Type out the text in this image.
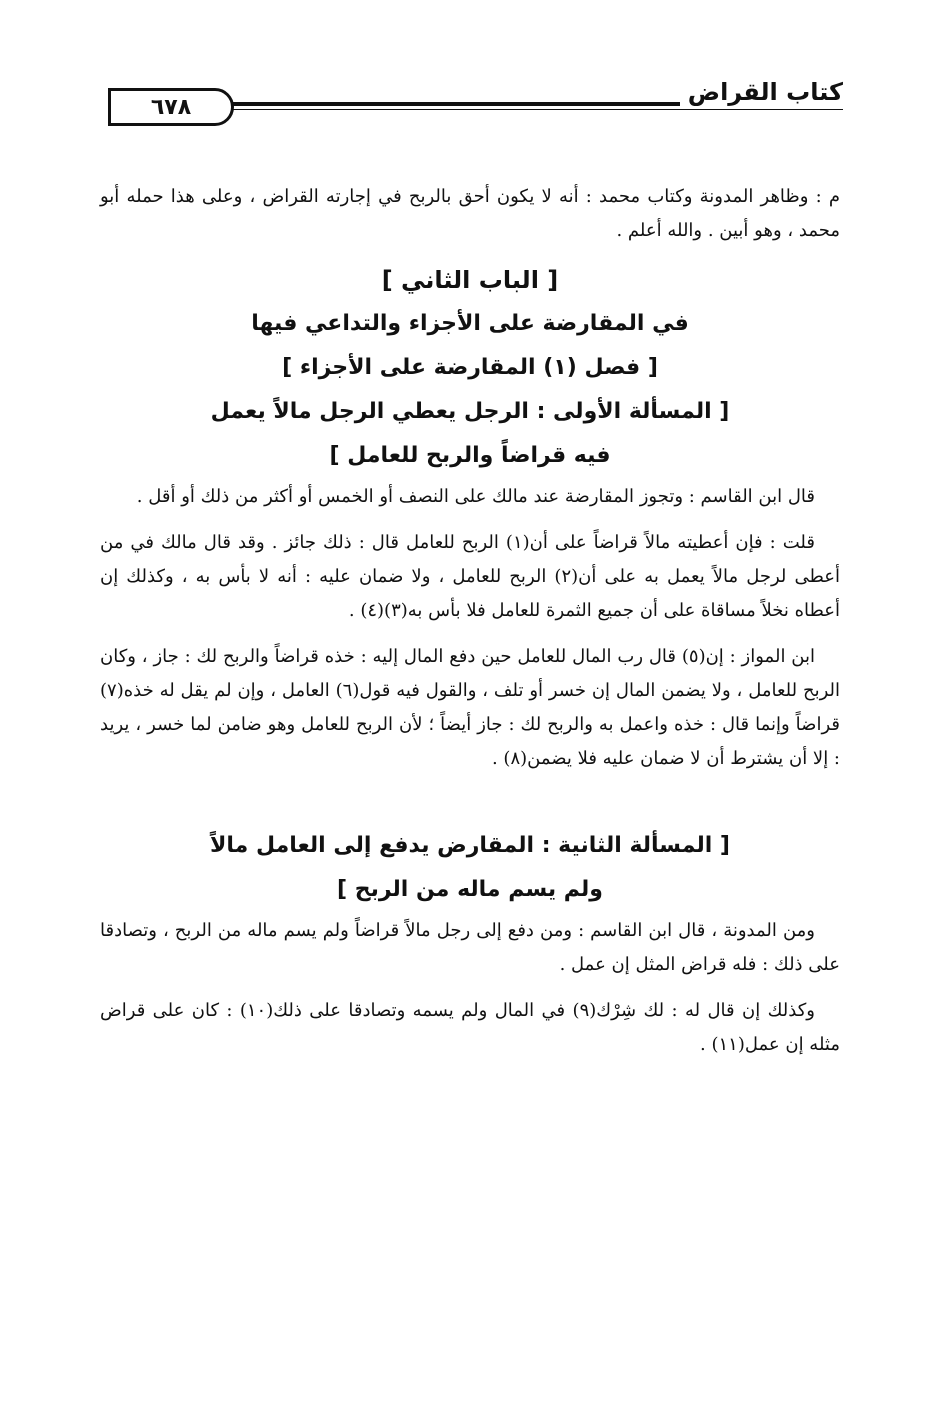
٦٧٨
كتاب القراض

م : وظاهر المدونة وكتاب محمد : أنه لا يكون أحق بالربح في إجارته القراض ، وعلى هذا حمله أبو محمد ، وهو أبين . والله أعلم .

[ الباب الثاني ]
في المقارضة على الأجزاء والتداعي فيها
[ فصل (١) المقارضة على الأجزاء ]
[ المسألة الأولى : الرجل يعطي الرجل مالاً يعمل
فيه قراضاً والربح للعامل ]

قال ابن القاسم : وتجوز المقارضة عند مالك على النصف أو الخمس أو أكثر من ذلك أو أقل .

قلت : فإن أعطيته مالاً قراضاً على أن(١) الربح للعامل قال : ذلك جائز . وقد قال مالك في من أعطى لرجل مالاً يعمل به على أن(٢) الربح للعامل ، ولا ضمان عليه : أنه لا بأس به ، وكذلك إن أعطاه نخلاً مساقاة على أن جميع الثمرة للعامل فلا بأس به(٣)(٤) .

ابن المواز : إن(٥) قال رب المال للعامل حين دفع المال إليه : خذه قراضاً والربح لك : جاز ، وكان الربح للعامل ، ولا يضمن المال إن خسر أو تلف ، والقول فيه قول(٦) العامل ، وإن لم يقل له خذه(٧) قراضاً وإنما قال : خذه واعمل به والربح لك : جاز أيضاً ؛ لأن الربح للعامل وهو ضامن لما خسر ، يريد : إلا أن يشترط أن لا ضمان عليه فلا يضمن(٨) .

[ المسألة الثانية : المقارض يدفع إلى العامل مالاً
ولم يسم ماله من الربح ]

ومن المدونة ، قال ابن القاسم : ومن دفع إلى رجل مالاً قراضاً ولم يسم ماله من الربح ، وتصادقا على ذلك : فله قراض المثل إن عمل .

وكذلك إن قال له : لك شِرْك(٩) في المال ولم يسمه وتصادقا على ذلك(١٠) : كان على قراض مثله إن عمل(١١) .
